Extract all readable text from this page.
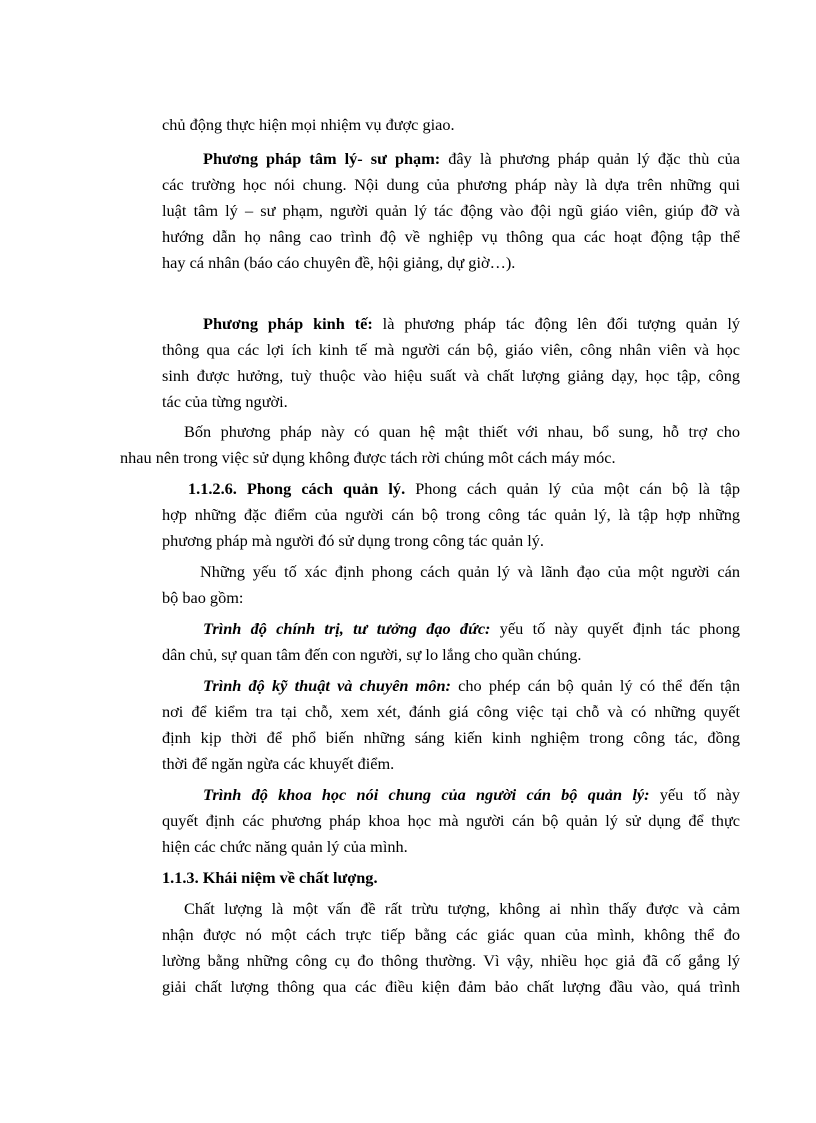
chủ động thực hiện mọi nhiệm vụ được giao.
Phương pháp tâm lý- sư phạm: đây là phương pháp quản lý đặc thù của
các trường học nói chung. Nội dung của phương pháp này là dựa trên những qui
luật tâm lý – sư phạm, người quản lý tác động vào đội ngũ giáo viên, giúp đỡ và
hướng dẫn họ nâng cao trình độ về nghiệp vụ thông qua các hoạt động tập thể
hay cá nhân (báo cáo chuyên đề, hội giảng, dự giờ…).
Phương pháp kinh tế: là phương pháp tác động lên đối tượng quản lý
thông qua các lợi ích kinh tế mà người cán bộ, giáo viên, công nhân viên và học
sinh được hưởng, tuỳ thuộc vào hiệu suất và chất lượng giảng dạy, học tập, công
tác của từng người.
Bốn phương pháp này có quan hệ mật thiết với nhau, bổ sung, hỗ trợ cho
nhau nên trong việc sử dụng không được tách rời chúng môt cách máy móc.
1.1.2.6. Phong cách quản lý. Phong cách quản lý của một cán bộ là tập
hợp những đặc điểm của người cán bộ trong công tác quản lý, là tập hợp những
phương pháp mà người đó sử dụng trong công tác quản lý.
Những yếu tố xác định phong cách quản lý và lãnh đạo của một người cán
bộ bao gồm:
Trình độ chính trị, tư tưởng đạo đức: yếu tố này quyết định tác phong
dân chủ, sự quan tâm đến con người, sự lo lắng cho quần chúng.
Trình độ kỹ thuật và chuyên môn: cho phép cán bộ quản lý có thể đến tận
nơi để kiểm tra tại chỗ, xem xét, đánh giá công việc tại chỗ và có những quyết
định kịp thời để phổ biến những sáng kiến kinh nghiệm trong công tác, đồng
thời để ngăn ngừa các khuyết điểm.
Trình độ khoa học nói chung của người cán bộ quản lý: yếu tố này
quyết định các phương pháp khoa học mà người cán bộ quản lý sử dụng để thực
hiện các chức năng quản lý của mình.
1.1.3. Khái niệm về chất lượng.
Chất lượng là một vấn đề rất trừu tượng, không ai nhìn thấy được và cảm
nhận được nó một cách trực tiếp bằng các giác quan của mình, không thể đo
lường bằng những công cụ đo thông thường. Vì vậy, nhiều học giả đã cố gắng lý
giải chất lượng thông qua các điều kiện đảm bảo chất lượng đầu vào, quá trình
